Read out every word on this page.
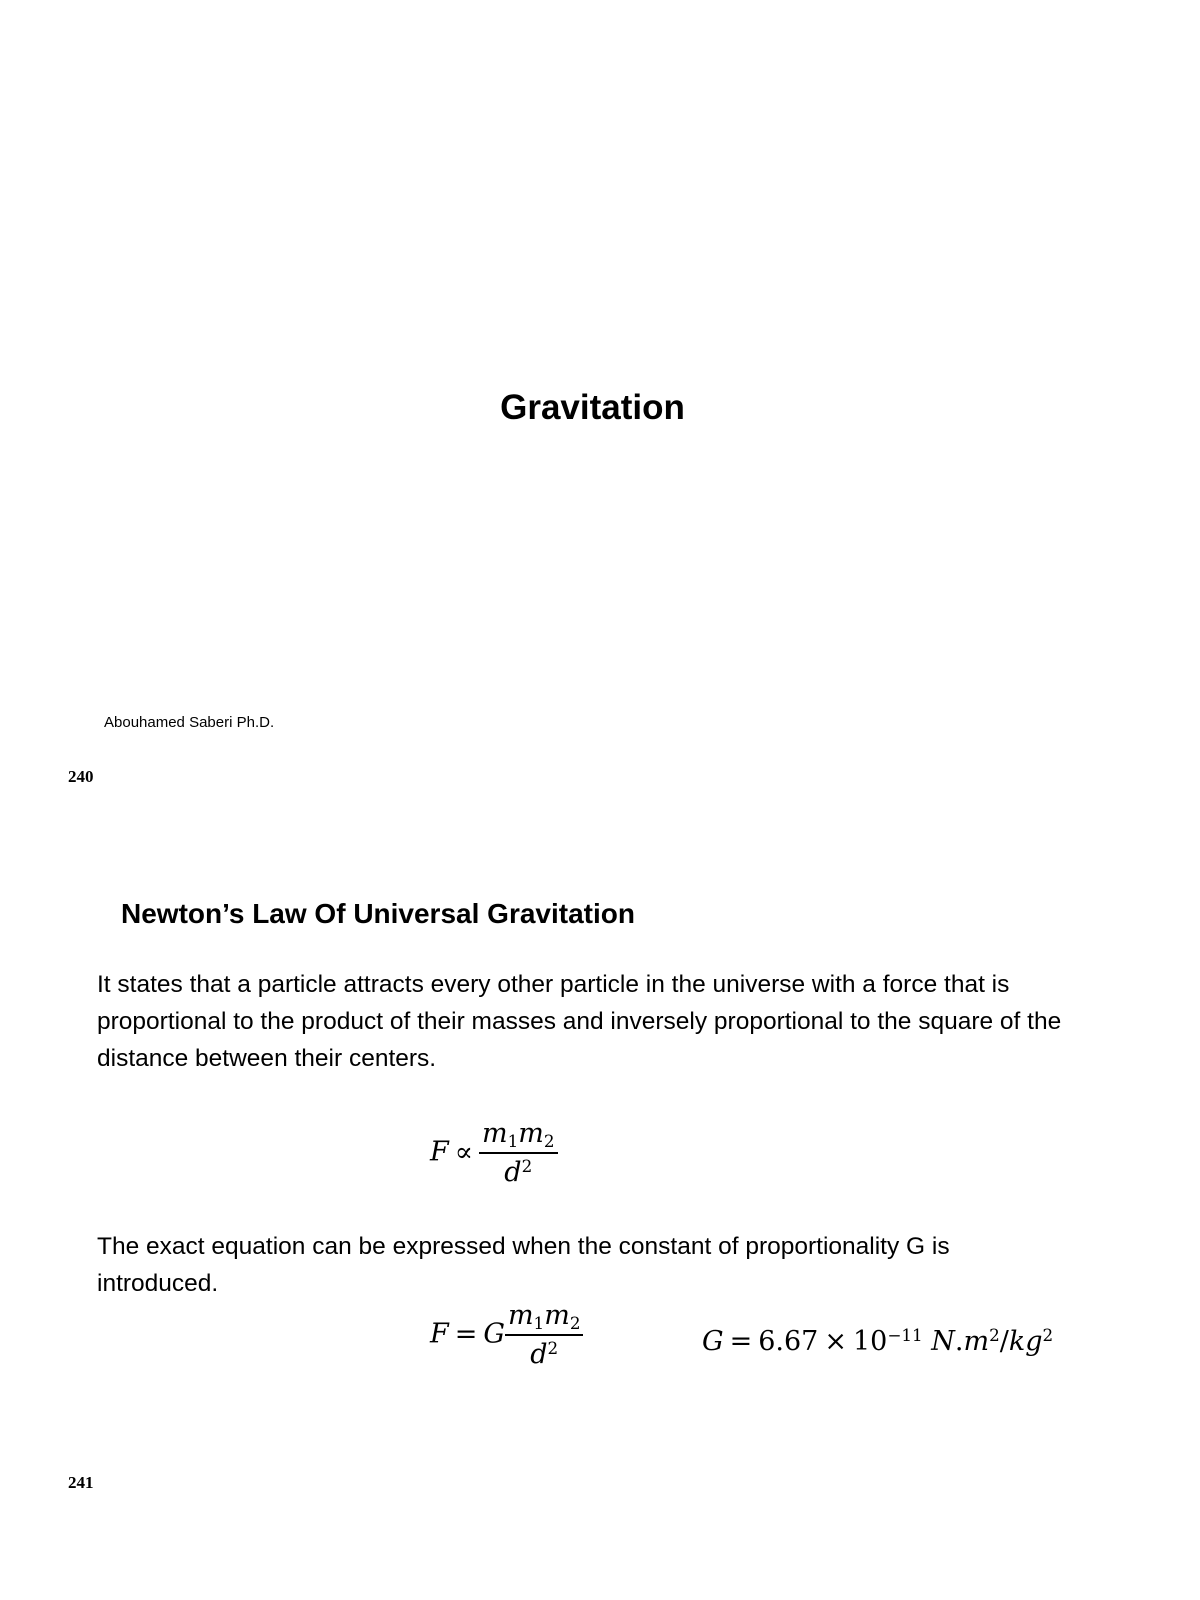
Gravitation
Abouhamed Saberi Ph.D.
240
Newton’s Law Of Universal Gravitation
It states that a particle attracts every other particle in the universe with a force that is proportional to the product of their masses and inversely proportional to the square of the distance between their centers.
$F \propto \frac{m_1m_2}{d^2}$
The exact equation can be expressed when the constant of proportionality G is introduced.
F = G $\frac{m_1m_2}{d^2}$	$G = 6.67 \times 10^{-11}$ $N.m^2/kg^2$
241
